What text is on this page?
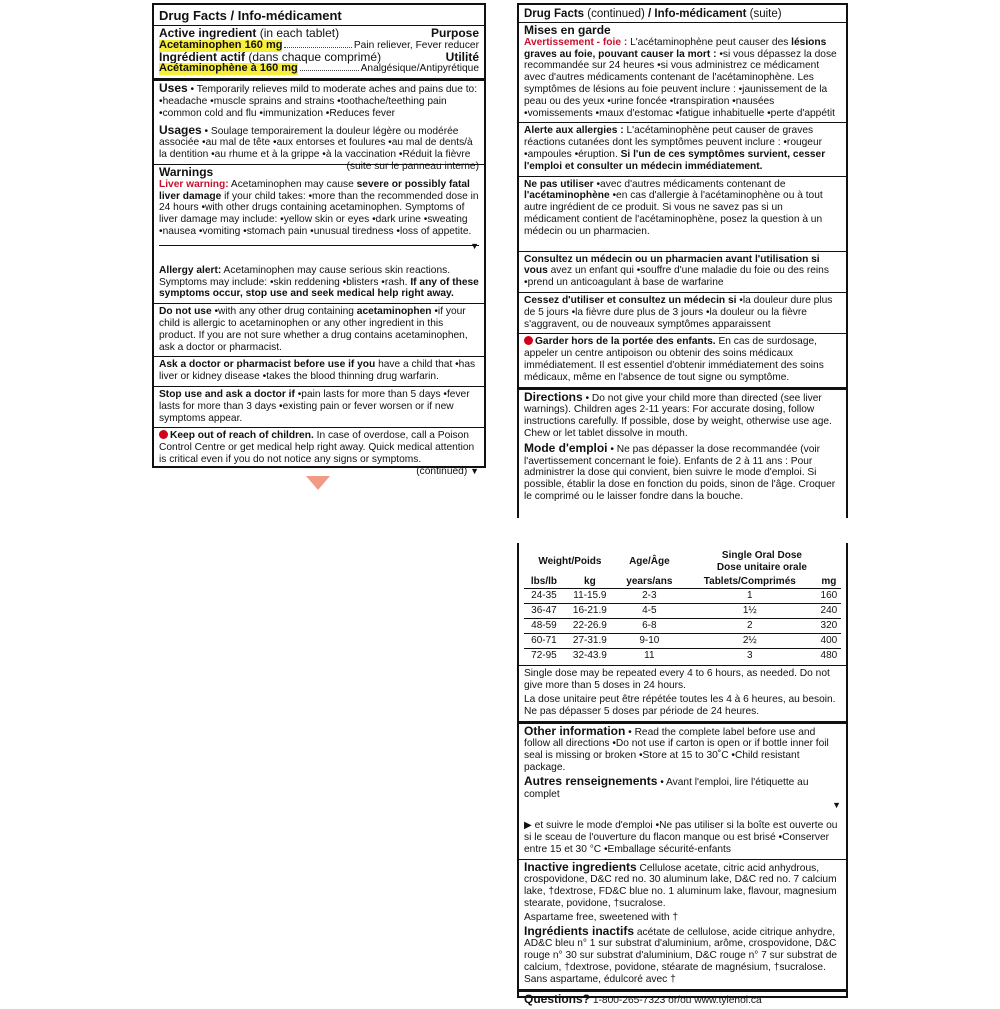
Drug Facts / Info-médicament
Active ingredient (in each tablet)	Purpose
Acetaminophen 160 mg	Pain reliever, Fever reducer
Ingrédient actif (dans chaque comprimé)	Utilité
Acétaminophène à 160 mg	Analgésique/Antipyrétique

Uses • Temporarily relieves mild to moderate aches and pains due to: •headache •muscle sprains and strains •toothache/teething pain •common cold and flu •immunization •Reduces fever

Usages • Soulage temporairement la douleur légère ou modérée associée •au mal de tête •aux entorses et foulures •au mal de dents/à la dentition •au rhume et à la grippe •à la vaccination •Réduit la fièvre
(suite sur le panneau interne)

Warnings

Liver warning: Acetaminophen may cause severe or possibly fatal liver damage if your child takes: •more than the recommended dose in 24 hours •with other drugs containing acetaminophen. Symptoms of liver damage may include: •yellow skin or eyes •dark urine •sweating •nausea •vomiting •stomach pain •unusual tiredness •loss of appetite.

▼

Allergy alert: Acetaminophen may cause serious skin reactions. Symptoms may include: •skin reddening •blisters •rash. If any of these symptoms occur, stop use and seek medical help right away.

Do not use •with any other drug containing acetaminophen •if your child is allergic to acetaminophen or any other ingredient in this product. If you are not sure whether a drug contains acetaminophen, ask a doctor or pharmacist.

Ask a doctor or pharmacist before use if you have a child that •has liver or kidney disease •takes the blood thinning drug warfarin.

Stop use and ask a doctor if •pain lasts for more than 5 days •fever lasts for more than 3 days •existing pain or fever worsen or if new symptoms appear.

Keep out of reach of children. In case of overdose, call a Poison Control Centre or get medical help right away. Quick medical attention is critical even if you do not notice any signs or symptoms.

(continued) ▼

Drug Facts (continued) / Info-médicament (suite)

Mises en garde

Avertissement - foie : L'acétaminophène peut causer des lésions graves au foie, pouvant causer la mort : •si vous dépassez la dose recommandée sur 24 heures •si vous administrez ce médicament avec d'autres médicaments contenant de l'acétaminophène. Les symptômes de lésions au foie peuvent inclure : •jaunissement de la peau ou des yeux •urine foncée •transpiration •nausées •vomissements •maux d'estomac •fatigue inhabituelle •perte d'appétit

Alerte aux allergies : L'acétaminophène peut causer de graves réactions cutanées dont les symptômes peuvent inclure : •rougeur •ampoules •éruption. Si l'un de ces symptômes survient, cesser l'emploi et consulter un médecin immédiatement.

Ne pas utiliser •avec d'autres médicaments contenant de l'acétaminophène •en cas d'allergie à l'acétaminophène ou à tout autre ingrédient de ce produit. Si vous ne savez pas si un médicament contient de l'acétaminophène, posez la question à un médecin ou un pharmacien.

Consultez un médecin ou un pharmacien avant l'utilisation si vous avez un enfant qui •souffre d'une maladie du foie ou des reins •prend un anticoagulant à base de warfarine

Cessez d'utiliser et consultez un médecin si •la douleur dure plus de 5 jours •la fièvre dure plus de 3 jours •la douleur ou la fièvre s'aggravent, ou de nouveaux symptômes apparaissent

Garder hors de la portée des enfants. En cas de surdosage, appeler un centre antipoison ou obtenir des soins médicaux immédiatement. Il est essentiel d'obtenir immédiatement des soins médicaux, même en l'absence de tout signe ou symptôme.

Directions • Do not give your child more than directed (see liver warnings). Children ages 2-11 years: For accurate dosing, follow instructions carefully. If possible, dose by weight, otherwise use age. Chew or let tablet dissolve in mouth.

Mode d'emploi • Ne pas dépasser la dose recommandée (voir l'avertissement concernant le foie). Enfants de 2 à 11 ans : Pour administrer la dose qui convient, bien suivre le mode d'emploi. Si possible, établir la dose en fonction du poids, sinon de l'âge. Croquer le comprimé ou le laisser fondre dans la bouche.

Weight/Poids		Age/Âge	Single Oral Dose
Dose unitaire orale	
lbs/lb	kg	years/ans	Tablets/Comprimés	mg
24-35	11-15.9	2-3	1	160
36-47	16-21.9	4-5	1½	240
48-59	22-26.9	6-8	2	320
60-71	27-31.9	9-10	2½	400
72-95	32-43.9	11	3	480

Single dose may be repeated every 4 to 6 hours, as needed. Do not give more than 5 doses in 24 hours.

La dose unitaire peut être répétée toutes les 4 à 6 heures, au besoin. Ne pas dépasser 5 doses par période de 24 heures.

Other information • Read the complete label before use and follow all directions •Do not use if carton is open or if bottle inner foil seal is missing or broken •Store at 15 to 30˚C •Child resistant package.

Autres renseignements • Avant l'emploi, lire l'étiquette au complet

▼

▶ et suivre le mode d'emploi •Ne pas utiliser si la boîte est ouverte ou si le sceau de l'ouverture du flacon manque ou est brisé •Conserver entre 15 et 30 °C •Emballage sécurité-enfants

Inactive ingredients Cellulose acetate, citric acid anhydrous, crospovidone, D&C red no. 30 aluminum lake, D&C red no. 7 calcium lake, †dextrose, FD&C blue no. 1 aluminum lake, flavour, magnesium stearate, povidone, †sucralose.

Aspartame free, sweetened with †

Ingrédients inactifs acétate de cellulose, acide citrique anhydre, AD&C bleu n° 1 sur substrat d'aluminium, arôme, crospovidone, D&C rouge n° 30 sur substrat d'aluminium, D&C rouge n° 7 sur substrat de calcium, †dextrose, povidone, stéarate de magnésium, †sucralose.

Sans aspartame, édulcoré avec †

Questions? 1-800-265-7323 or/ou www.tylenol.ca
